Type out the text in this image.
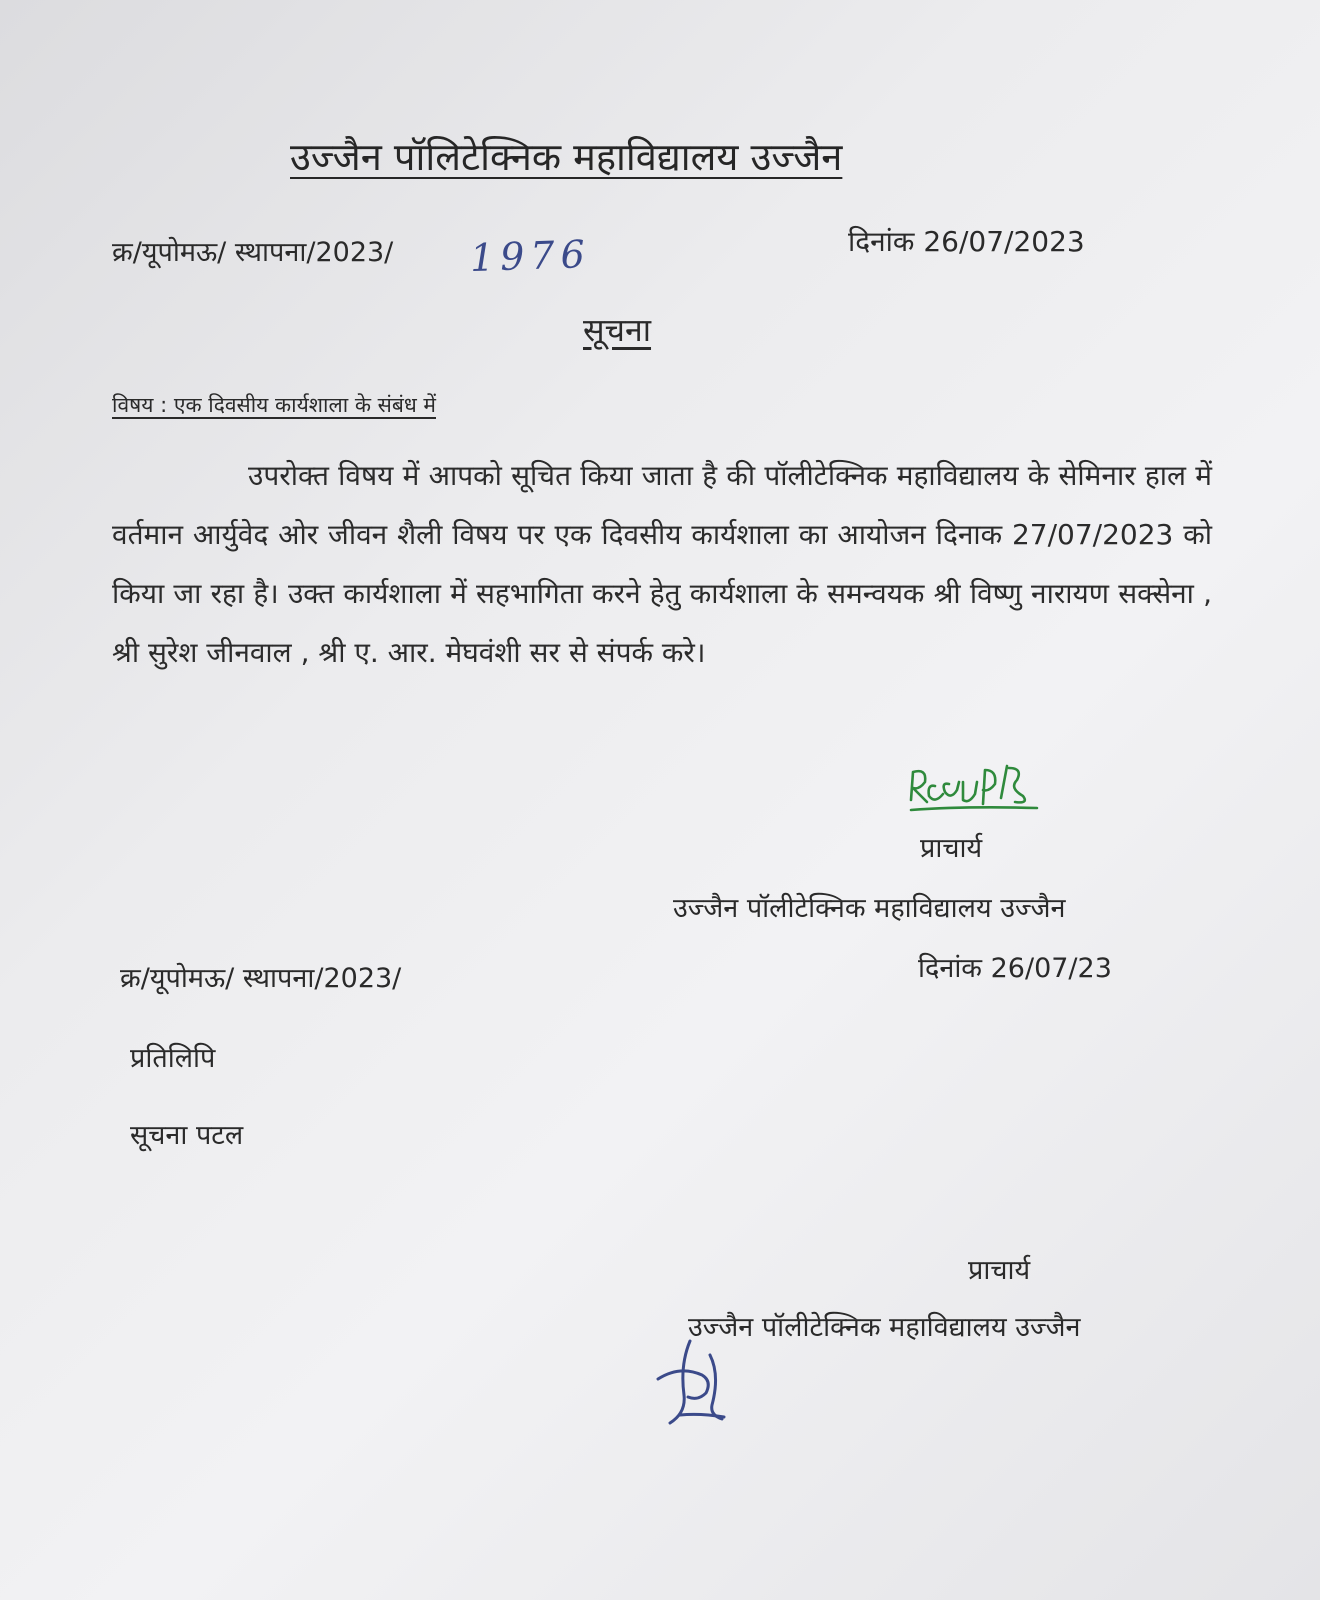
उज्जैन पॉलिटेक्निक महाविद्यालय उज्जैन
क्र/यूपोमऊ/ स्थापना/2023/ 1976	दिनांक 26/07/2023
सूचना
विषय : एक दिवसीय कार्यशाला के संबंध में
उपरोक्त विषय में आपको सूचित किया जाता है की पॉलीटेक्निक महाविद्यालय के सेमिनार हाल में वर्तमान आर्युवेद ओर जीवन शैली विषय पर एक दिवसीय कार्यशाला का आयोजन दिनाक 27/07/2023 को किया जा रहा है। उक्त कार्यशाला में सहभागिता करने हेतु कार्यशाला के समन्वयक श्री विष्णु नारायण सक्सेना , श्री सुरेश जीनवाल , श्री ए. आर. मेघवंशी सर से संपर्क करे।
प्राचार्य
उज्जैन पॉलीटेक्निक महाविद्यालय उज्जैन
दिनांक 26/07/23
क्र/यूपोमऊ/ स्थापना/2023/
प्रतिलिपि
सूचना पटल
प्राचार्य
उज्जैन पॉलीटेक्निक महाविद्यालय उज्जैन
